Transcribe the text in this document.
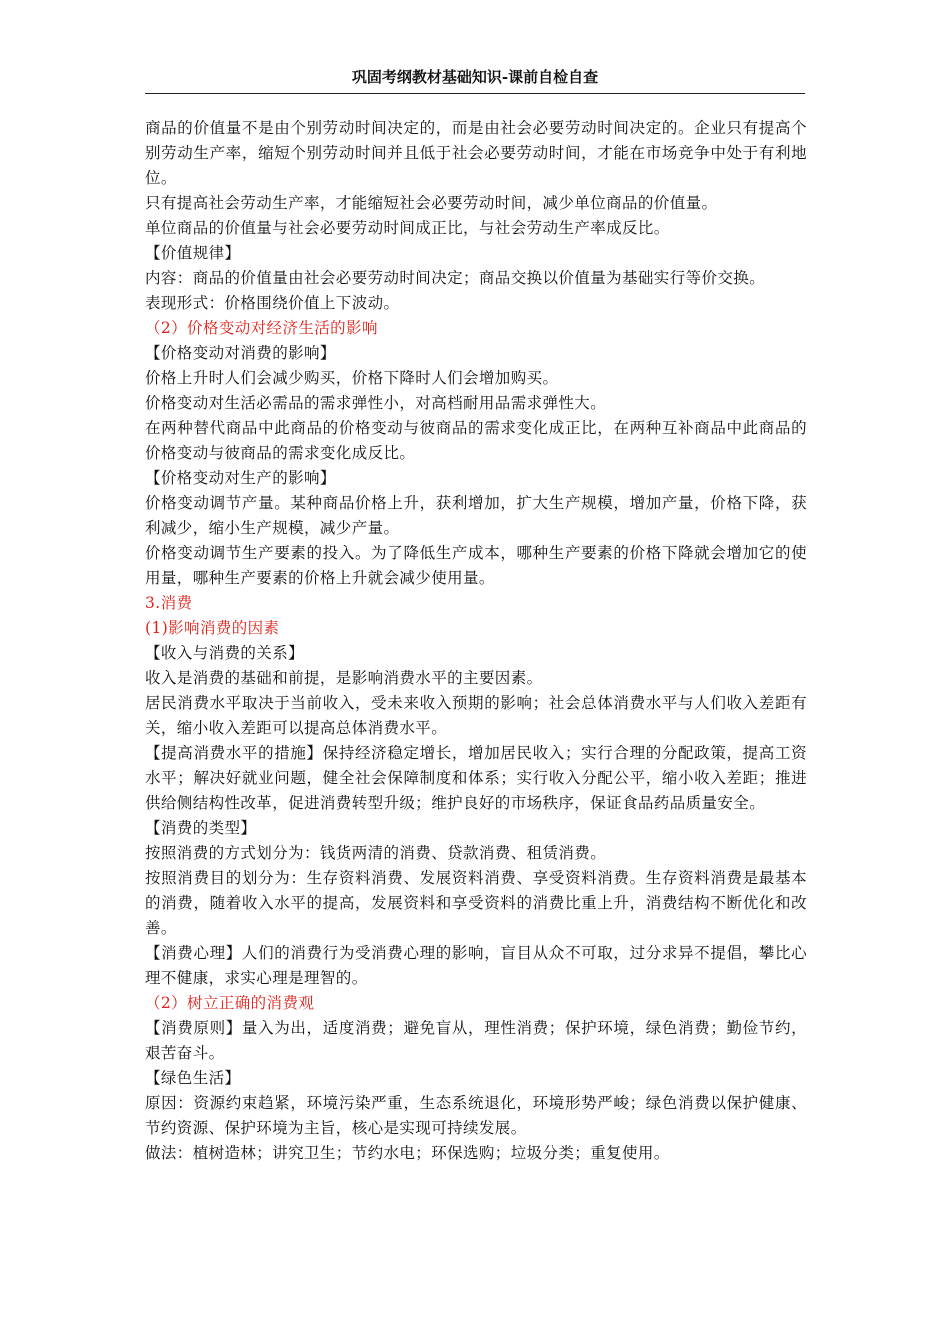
巩固考纲教材基础知识-课前自检自查

商品的价值量不是由个别劳动时间决定的，而是由社会必要劳动时间决定的。企业只有提高个别劳动生产率，缩短个别劳动时间并且低于社会必要劳动时间，才能在市场竞争中处于有利地位。

只有提高社会劳动生产率，才能缩短社会必要劳动时间，减少单位商品的价值量。

单位商品的价值量与社会必要劳动时间成正比，与社会劳动生产率成反比。

【价值规律】

内容：商品的价值量由社会必要劳动时间决定；商品交换以价值量为基础实行等价交换。

表现形式：价格围绕价值上下波动。

（2）价格变动对经济生活的影响

【价格变动对消费的影响】

价格上升时人们会减少购买，价格下降时人们会增加购买。

价格变动对生活必需品的需求弹性小，对高档耐用品需求弹性大。

在两种替代商品中此商品的价格变动与彼商品的需求变化成正比，在两种互补商品中此商品的价格变动与彼商品的需求变化成反比。

【价格变动对生产的影响】

价格变动调节产量。某种商品价格上升，获利增加，扩大生产规模，增加产量，价格下降，获利减少，缩小生产规模，减少产量。

价格变动调节生产要素的投入。为了降低生产成本，哪种生产要素的价格下降就会增加它的使用量，哪种生产要素的价格上升就会减少使用量。

3.消费

(1)影响消费的因素

【收入与消费的关系】

收入是消费的基础和前提，是影响消费水平的主要因素。

居民消费水平取决于当前收入，受未来收入预期的影响；社会总体消费水平与人们收入差距有关，缩小收入差距可以提高总体消费水平。

【提高消费水平的措施】保持经济稳定增长，增加居民收入；实行合理的分配政策，提高工资水平；解决好就业问题，健全社会保障制度和体系；实行收入分配公平，缩小收入差距；推进供给侧结构性改革，促进消费转型升级；维护良好的市场秩序，保证食品药品质量安全。

【消费的类型】

按照消费的方式划分为：钱货两清的消费、贷款消费、租赁消费。

按照消费目的划分为：生存资料消费、发展资料消费、享受资料消费。生存资料消费是最基本的消费，随着收入水平的提高，发展资料和享受资料的消费比重上升，消费结构不断优化和改善。

【消费心理】人们的消费行为受消费心理的影响，盲目从众不可取，过分求异不提倡，攀比心理不健康，求实心理是理智的。

（2）树立正确的消费观

【消费原则】量入为出，适度消费；避免盲从，理性消费；保护环境，绿色消费；勤俭节约，艰苦奋斗。

【绿色生活】

原因：资源约束趋紧，环境污染严重，生态系统退化，环境形势严峻；绿色消费以保护健康、节约资源、保护环境为主旨，核心是实现可持续发展。

做法：植树造林；讲究卫生；节约水电；环保选购；垃圾分类；重复使用。
